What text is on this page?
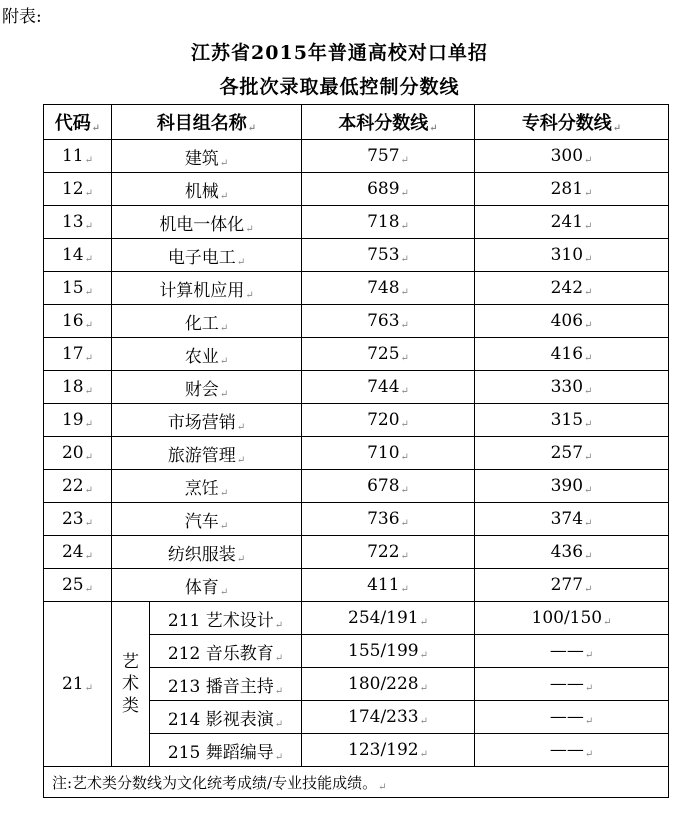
附表:
江苏省2015年普通高校对口单招
各批次录取最低控制分数线
代码↵	科目组名称↵		本科分数线↵	专科分数线↵
11↵	建筑↵		757↵	300↵
12↵	机械↵		689↵	281↵
13↵	机电一体化↵		718↵	241↵
14↵	电子电工↵		753↵	310↵
15↵	计算机应用↵		748↵	242↵
16↵	化工↵		763↵	406↵
17↵	农业↵		725↵	416↵
18↵	财会↵		744↵	330↵
19↵	市场营销↵		720↵	315↵
20↵	旅游管理↵		710↵	257↵
22↵	烹饪↵		678↵	390↵
23↵	汽车↵		736↵	374↵
24↵	纺织服装↵		722↵	436↵
25↵	体育↵		411↵	277↵
21↵	艺术类	211 艺术设计↵	254/191↵	100/150↵
		212 音乐教育↵	155/199↵	——↵
		213 播音主持↵	180/228↵	——↵
		214 影视表演↵	174/233↵	——↵
		215 舞蹈编导↵	123/192↵	——↵
注:艺术类分数线为文化统考成绩/专业技能成绩。↵				
